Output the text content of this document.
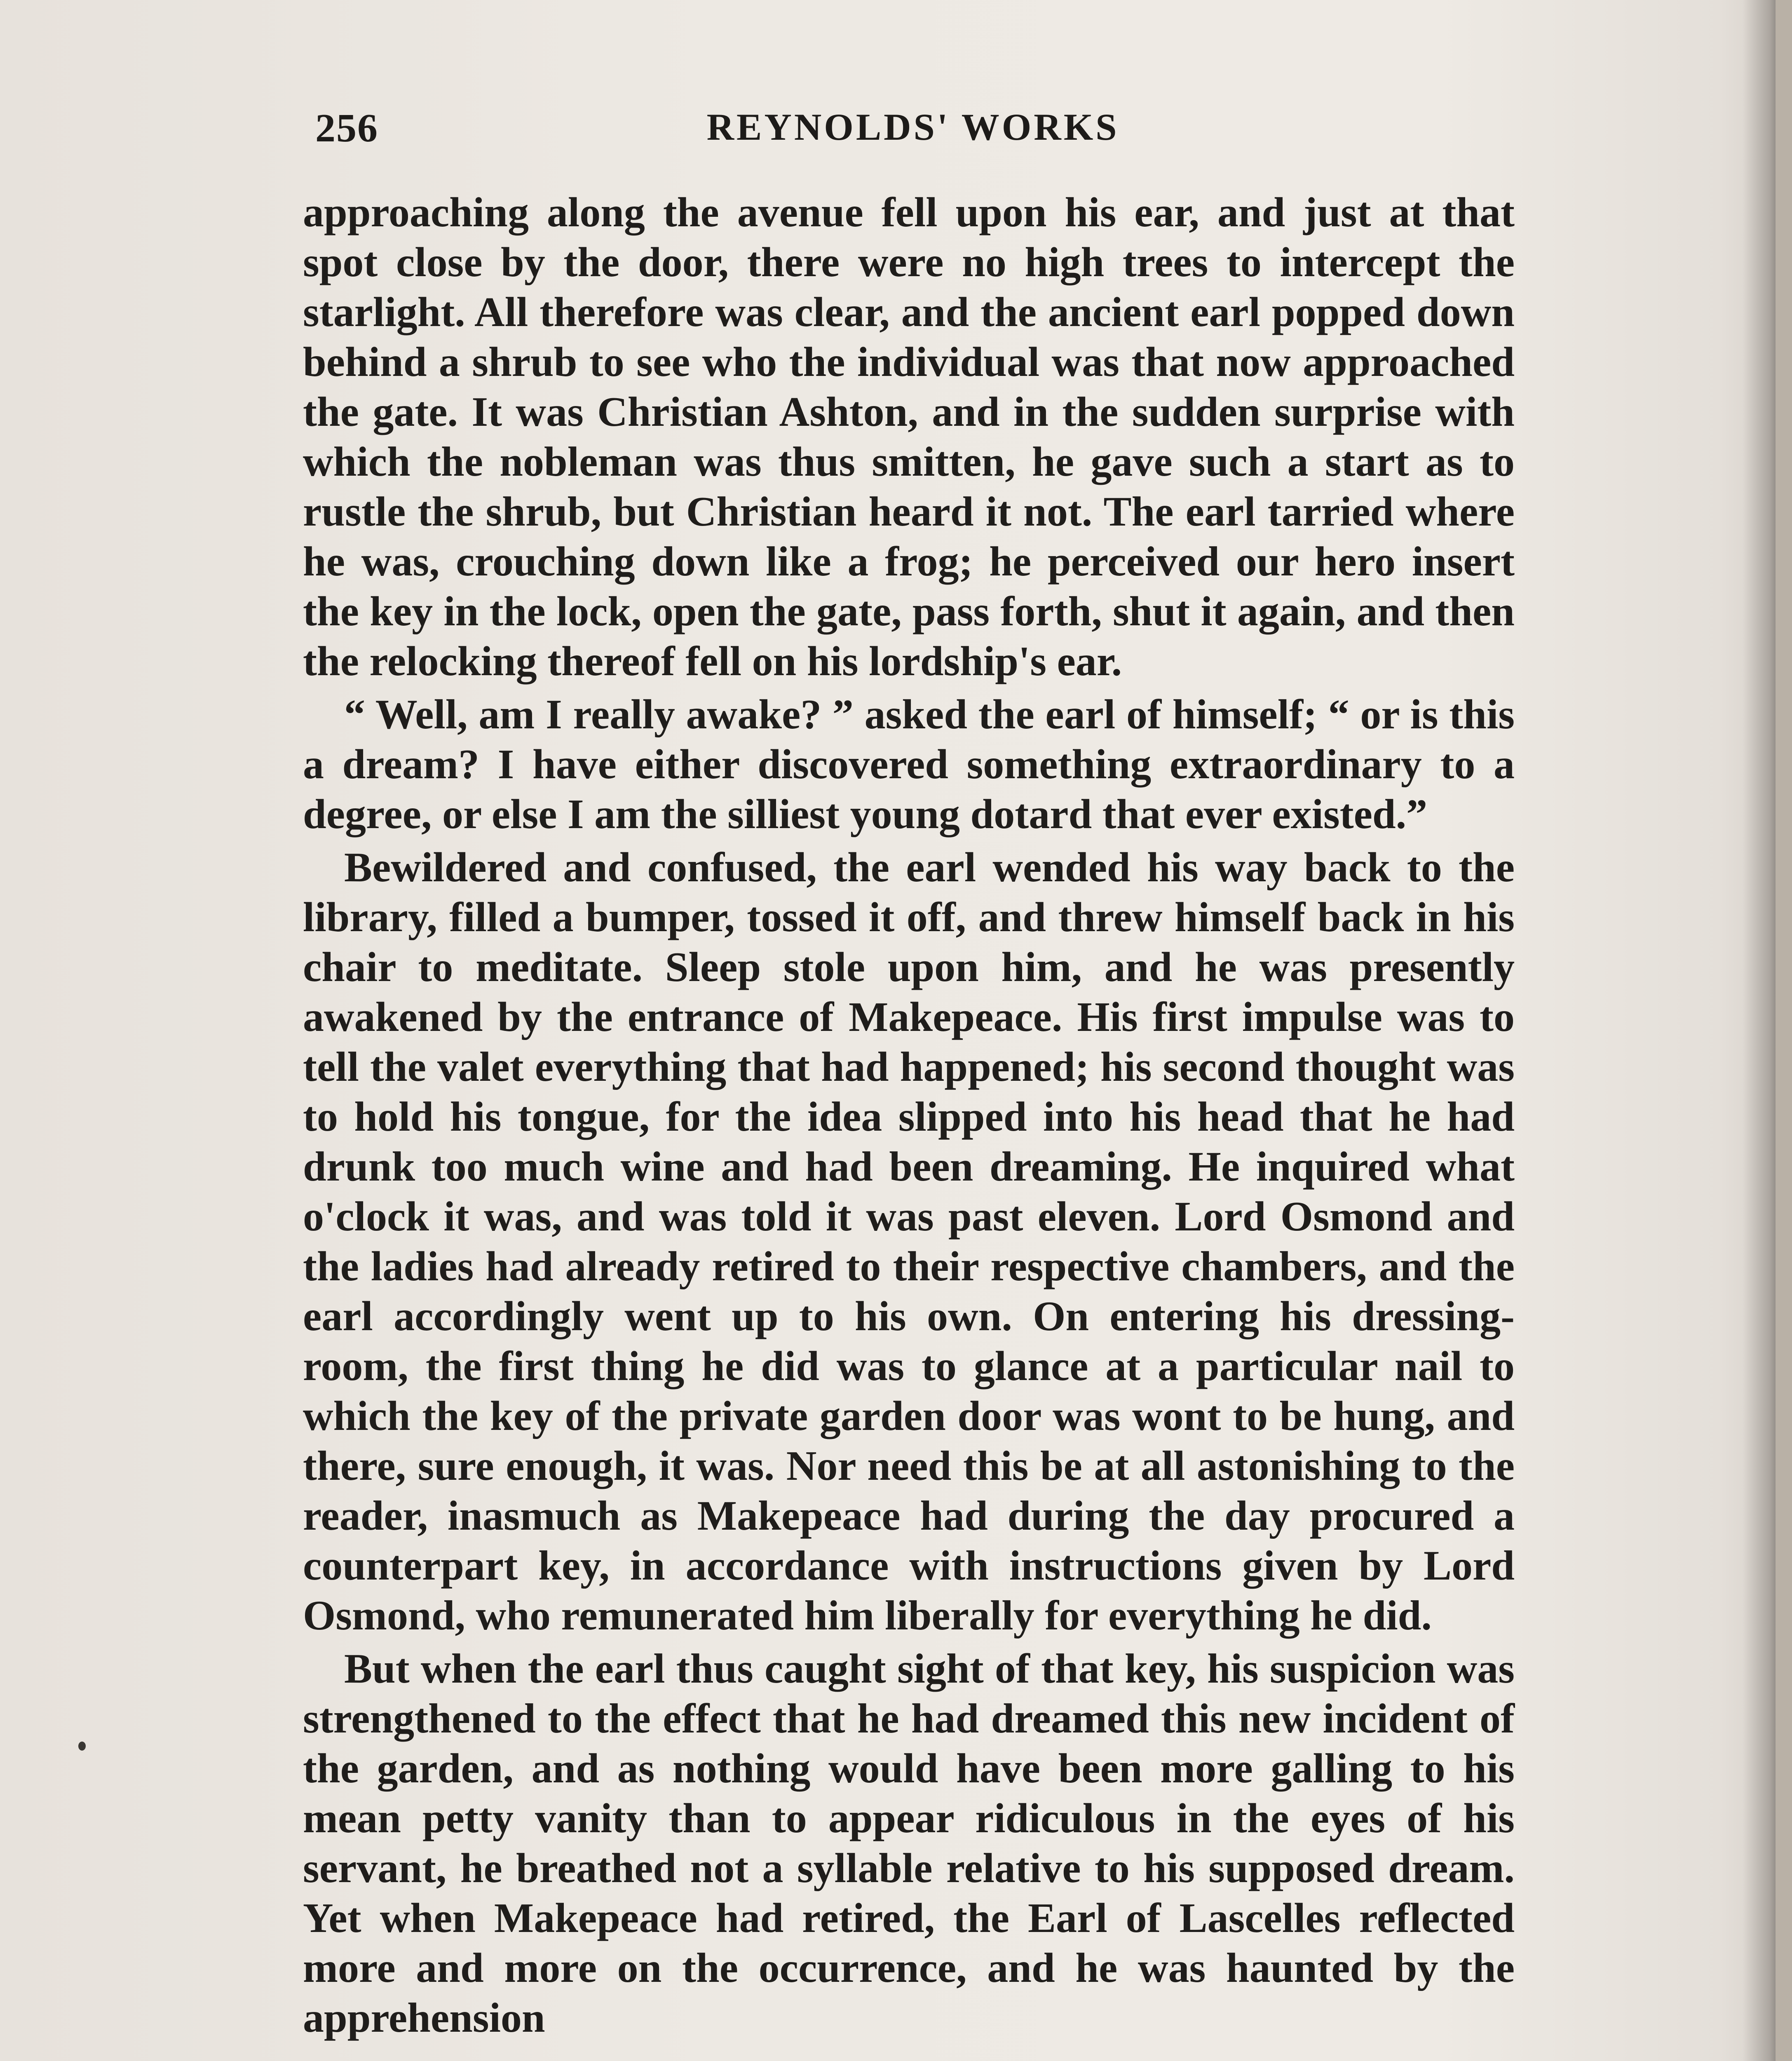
256	REYNOLDS' WORKS

approaching along the avenue fell upon his ear, and just at that spot close by the door, there were no high trees to intercept the starlight. All therefore was clear, and the ancient earl popped down behind a shrub to see who the individual was that now approached the gate. It was Christian Ashton, and in the sudden surprise with which the nobleman was thus smitten, he gave such a start as to rustle the shrub, but Christian heard it not. The earl tarried where he was, crouching down like a frog; he perceived our hero insert the key in the lock, open the gate, pass forth, shut it again, and then the relocking thereof fell on his lordship's ear.

“ Well, am I really awake? ” asked the earl of himself; “ or is this a dream? I have either discovered something extraordinary to a degree, or else I am the silliest young dotard that ever existed.”

Bewildered and confused, the earl wended his way back to the library, filled a bumper, tossed it off, and threw himself back in his chair to meditate. Sleep stole upon him, and he was presently awakened by the entrance of Makepeace. His first impulse was to tell the valet everything that had happened; his second thought was to hold his tongue, for the idea slipped into his head that he had drunk too much wine and had been dreaming. He inquired what o'clock it was, and was told it was past eleven. Lord Osmond and the ladies had already retired to their respective chambers, and the earl accordingly went up to his own. On entering his dressing-room, the first thing he did was to glance at a particular nail to which the key of the private garden door was wont to be hung, and there, sure enough, it was. Nor need this be at all astonishing to the reader, inasmuch as Makepeace had during the day procured a counterpart key, in accordance with instructions given by Lord Osmond, who remunerated him liberally for everything he did.

But when the earl thus caught sight of that key, his suspicion was strengthened to the effect that he had dreamed this new incident of the garden, and as nothing would have been more galling to his mean petty vanity than to appear ridiculous in the eyes of his servant, he breathed not a syllable relative to his supposed dream. Yet when Makepeace had retired, the Earl of Lascelles reflected more and more on the occurrence, and he was haunted by the apprehension
